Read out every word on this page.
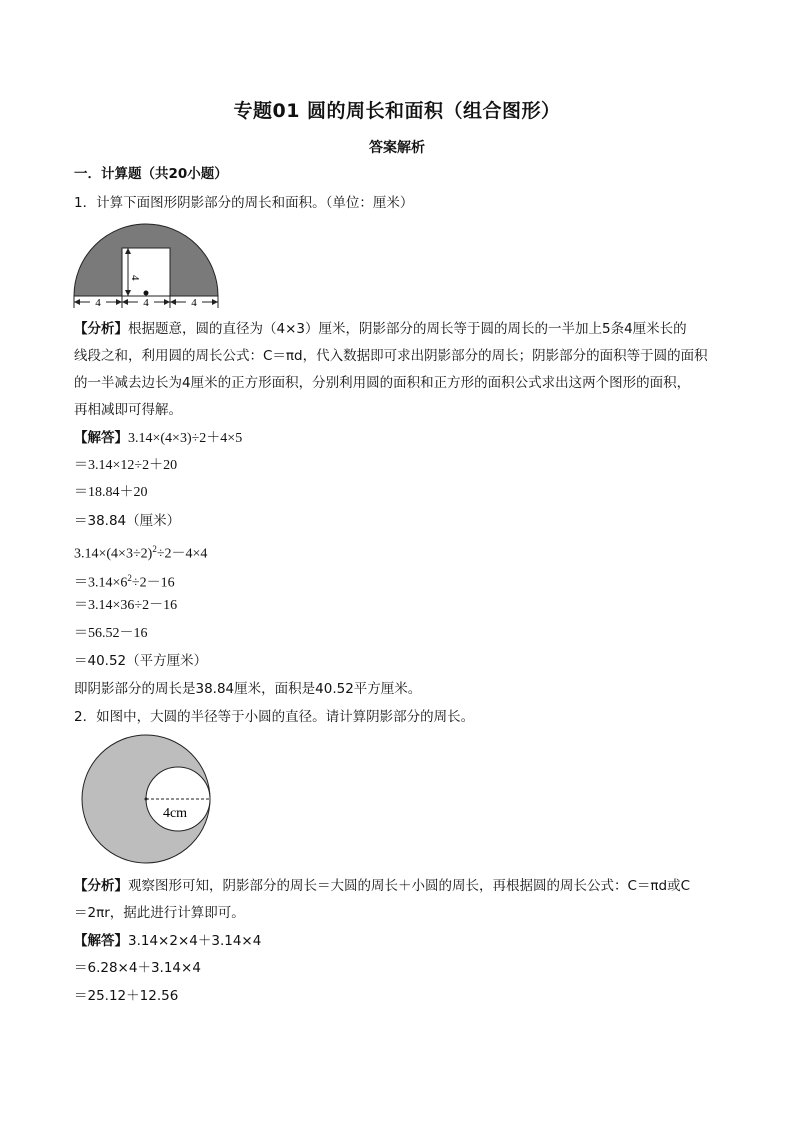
专题01 圆的周长和面积（组合图形）
答案解析
一．计算题（共20小题）
1．计算下面图形阴影部分的周长和面积。（单位：厘米）
4
4	4	4
【分析】根据题意，圆的直径为（4×3）厘米，阴影部分的周长等于圆的周长的一半加上5条4厘米长的
线段之和，利用圆的周长公式：C＝πd，代入数据即可求出阴影部分的周长；阴影部分的面积等于圆的面积
的一半减去边长为4厘米的正方形面积，分别利用圆的面积和正方形的面积公式求出这两个图形的面积，
再相减即可得解。
【解答】3.14×(4×3)÷2＋4×5
＝3.14×12÷2＋20
＝18.84＋20
＝38.84（厘米）
$3.14\times(4\times 3\div 2)^2\div 2-4\times 4$
$=3.14\times 6^2\div 2-16$
＝3.14×36÷2－16
＝56.52－16
＝40.52（平方厘米）
即阴影部分的周长是38.84厘米，面积是40.52平方厘米。
2．如图中，大圆的半径等于小圆的直径。请计算阴影部分的周长。
4cm
【分析】观察图形可知，阴影部分的周长＝大圆的周长＋小圆的周长，再根据圆的周长公式：C＝πd或C
＝2πr，据此进行计算即可。
【解答】3.14×2×4＋3.14×4
＝6.28×4＋3.14×4
＝25.12＋12.56
